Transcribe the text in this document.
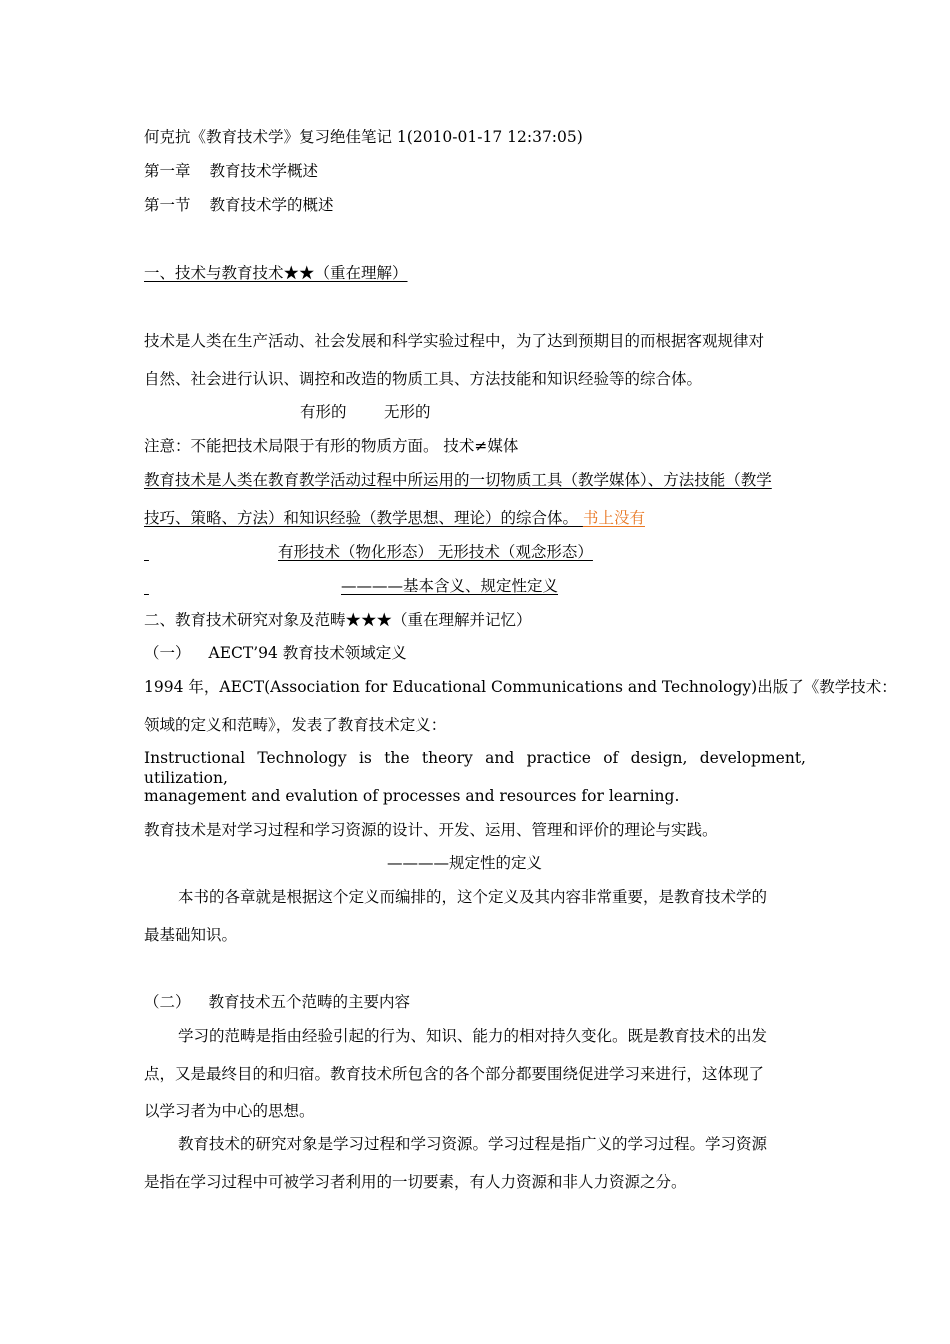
何克抗《教育技术学》复习绝佳笔记 1(2010-01-17 12:37:05)
第一章 教育技术学概述
第一节 教育技术学的概述
一、技术与教育技术★★（重在理解）
技术是人类在生产活动、社会发展和科学实验过程中，为了达到预期目的而根据客观规律对
自然、社会进行认识、调控和改造的物质工具、方法技能和知识经验等的综合体。
有形的 无形的
注意：不能把技术局限于有形的物质方面。 技术≠媒体
教育技术是人类在教育教学活动过程中所运用的一切物质工具（教学媒体）、方法技能（教学
技巧、策略、方法）和知识经验（教学思想、理论）的综合体。 书上没有
有形技术（物化形态） 无形技术（观念形态）
————基本含义、规定性定义
二、教育技术研究对象及范畴★★★（重在理解并记忆）
（一） AECT’94 教育技术领域定义
1994 年，AECT(Association for Educational Communications and Technology)出版了《教学技术：
领域的定义和范畴》，发表了教育技术定义：
Instructional Technology is the theory and practice of design, development, utilization,
management and evalution of processes and resources for learning.
教育技术是对学习过程和学习资源的设计、开发、运用、管理和评价的理论与实践。
————规定性的定义
本书的各章就是根据这个定义而编排的，这个定义及其内容非常重要，是教育技术学的
最基础知识。
（二） 教育技术五个范畴的主要内容
学习的范畴是指由经验引起的行为、知识、能力的相对持久变化。既是教育技术的出发
点，又是最终目的和归宿。教育技术所包含的各个部分都要围绕促进学习来进行，这体现了
以学习者为中心的思想。
教育技术的研究对象是学习过程和学习资源。学习过程是指广义的学习过程。学习资源
是指在学习过程中可被学习者利用的一切要素，有人力资源和非人力资源之分。
